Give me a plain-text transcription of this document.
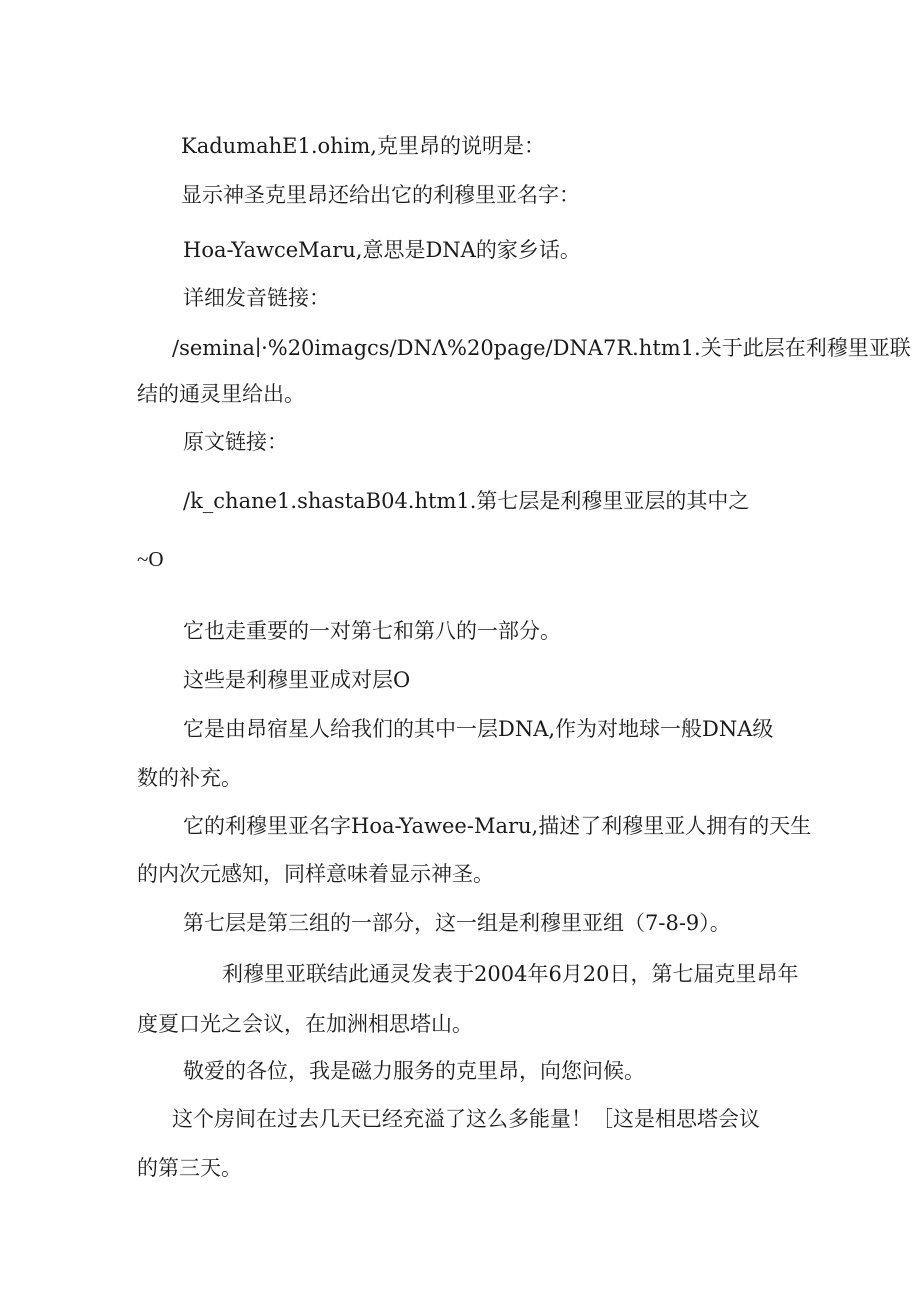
KadumahE1.ohim,克里昂的说明是：

显示神圣克里昂还给出它的利穆里亚名字：

Hoa-YawceMaru,意思是DNA的家乡话。

详细发音链接：

∕semina∣·%20imagcs∕DNΛ%20page∕DNA7R.htm1.关于此层在利穆里亚联

结的通灵里给出。

原文链接：

/k_chane1.shastaB04.htm1.第七层是利穆里亚层的其中之

~O

它也走重要的一对第七和第八的一部分。

这些是利穆里亚成对层O

它是由昂宿星人给我们的其中一层DNA,作为对地球一般DNA级

数的补充。

它的利穆里亚名字Hoa-Yawee-Maru,描述了利穆里亚人拥有的天生

的内次元感知，同样意味着显示神圣。

第七层是第三组的一部分，这一组是利穆里亚组（7-8-9）。

利穆里亚联结此通灵发表于2004年6月20日，第七届克里昂年

度夏口光之会议，在加洲相思塔山。

敬爱的各位，我是磁力服务的克里昂，向您问候。

这个房间在过去几天已经充溢了这么多能量！［这是相思塔会议

的第三天。
